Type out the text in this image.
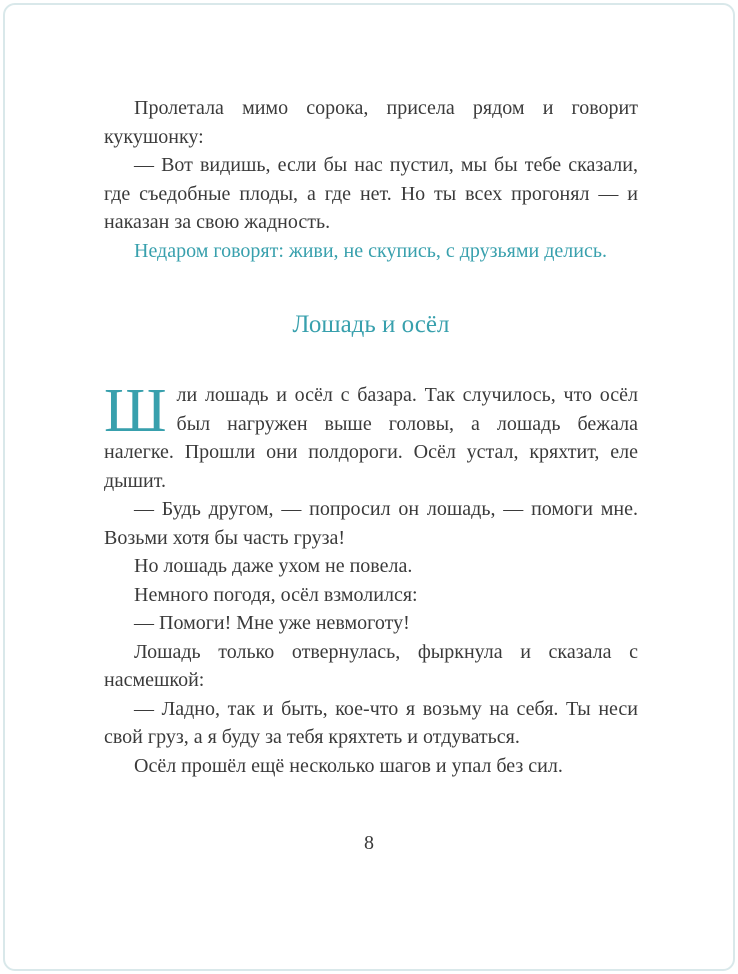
Пролетала мимо сорока, присела рядом и говорит кукушонку:

— Вот видишь, если бы нас пустил, мы бы тебе сказали, где съедобные плоды, а где нет. Но ты всех прогонял — и наказан за свою жадность.

Недаром говорят: живи, не скупись, с друзьями делись.

Лошадь и осёл

Шли лошадь и осёл с базара. Так случилось, что осёл был нагружен выше головы, а лошадь бежала налегке. Прошли они полдороги. Осёл устал, кряхтит, еле дышит.

— Будь другом, — попросил он лошадь, — помоги мне. Возьми хотя бы часть груза!

Но лошадь даже ухом не повела.

Немного погодя, осёл взмолился:

— Помоги! Мне уже невмоготу!

Лошадь только отвернулась, фыркнула и сказала с насмешкой:

— Ладно, так и быть, кое-что я возьму на себя. Ты неси свой груз, а я буду за тебя кряхтеть и отдуваться.

Осёл прошёл ещё несколько шагов и упал без сил.

8
